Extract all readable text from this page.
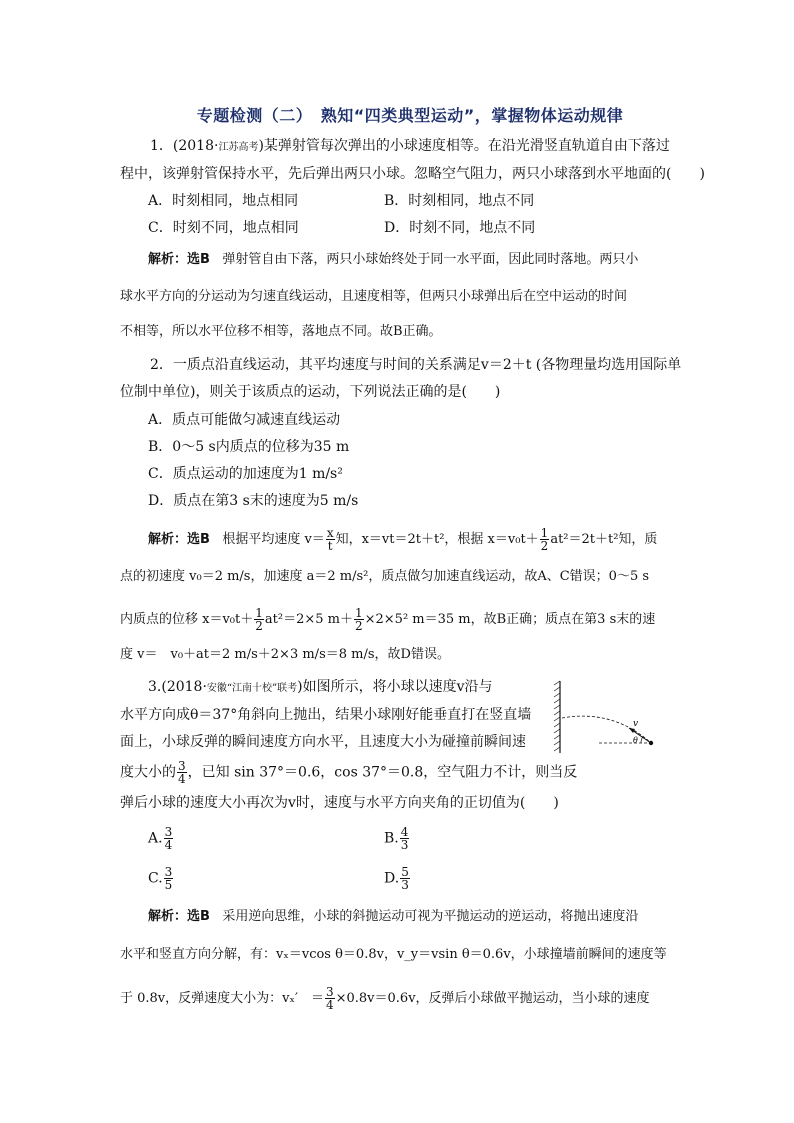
专题检测（二）　熟知“四类典型运动”，掌握物体运动规律
1．(2018·江苏高考)某弹射管每次弹出的小球速度相等。在沿光滑竖直轨道自由下落过
程中，该弹射管保持水平，先后弹出两只小球。忽略空气阻力，两只小球落到水平地面的(　　)
A．时刻相同，地点相同	B．时刻相同，地点不同
C．时刻不同，地点相同	D．时刻不同，地点不同
解析：选B 弹射管自由下落，两只小球始终处于同一水平面，因此同时落地。两只小
球水平方向的分运动为匀速直线运动，且速度相等，但两只小球弹出后在空中运动的时间
不相等，所以水平位移不相等，落地点不同。故B正确。
2．一质点沿直线运动，其平均速度与时间的关系满足v＝2＋t (各物理量均选用国际单
位制中单位)，则关于该质点的运动，下列说法正确的是(　　)
A．质点可能做匀减速直线运动
B．0～5 s内质点的位移为35 m
C．质点运动的加速度为1 m/s²
D．质点在第3 s末的速度为5 m/s
解析：选B 根据平均速度 $v= \frac{x}{t}$ 知，x＝vt＝2t＋t²，根据 $x=v_0t+ \frac{1}{2} at^2=2t+t^2$知，质
点的初速度 v₀＝2 m/s，加速度 a＝2 m/s²，质点做匀加速直线运动，故A、C错误；0～5 s
内质点的位移 $x=v_0t+ \frac{1}{2} at^2=2\times 5$ $m+ \frac{1}{2} \times 2\times 5^2$ m＝35 m，故B正确；质点在第3 s末的速
度 v＝　v₀＋at＝2 m/s＋2×3 m/s＝8 m/s，故D错误。
3.(2018·安徽“江南十校”联考)如图所示，将小球以速度v沿与
水平方向成θ＝37°角斜向上抛出，结果小球刚好能垂直打在竖直墙
面上，小球反弹的瞬间速度方向水平，且速度大小为碰撞前瞬间速
度大小的 $\frac{3}{4}$ ，已知 sin 37°＝0.6，cos 37°＝0.8，空气阻力不计，则当反
弹后小球的速度大小再次为v时，速度与水平方向夹角的正切值为(　　)
v
θ
A. $\frac{3}{4}$	B. $\frac{4}{3}$
C. $\frac{3}{5}$	D. $\frac{5}{3}$
解析：选B 采用逆向思维，小球的斜抛运动可视为平抛运动的逆运动，将抛出速度沿
水平和竖直方向分解，有：vₓ＝vcos θ＝0.8v，v_y＝vsin θ＝0.6v，小球撞墙前瞬间的速度等
于 0.8v，反弹速度大小为：vₓ′　＝ $\frac{3}{4} \times 0.8v=0.6v$，反弹后小球做平抛运动，当小球的速度
